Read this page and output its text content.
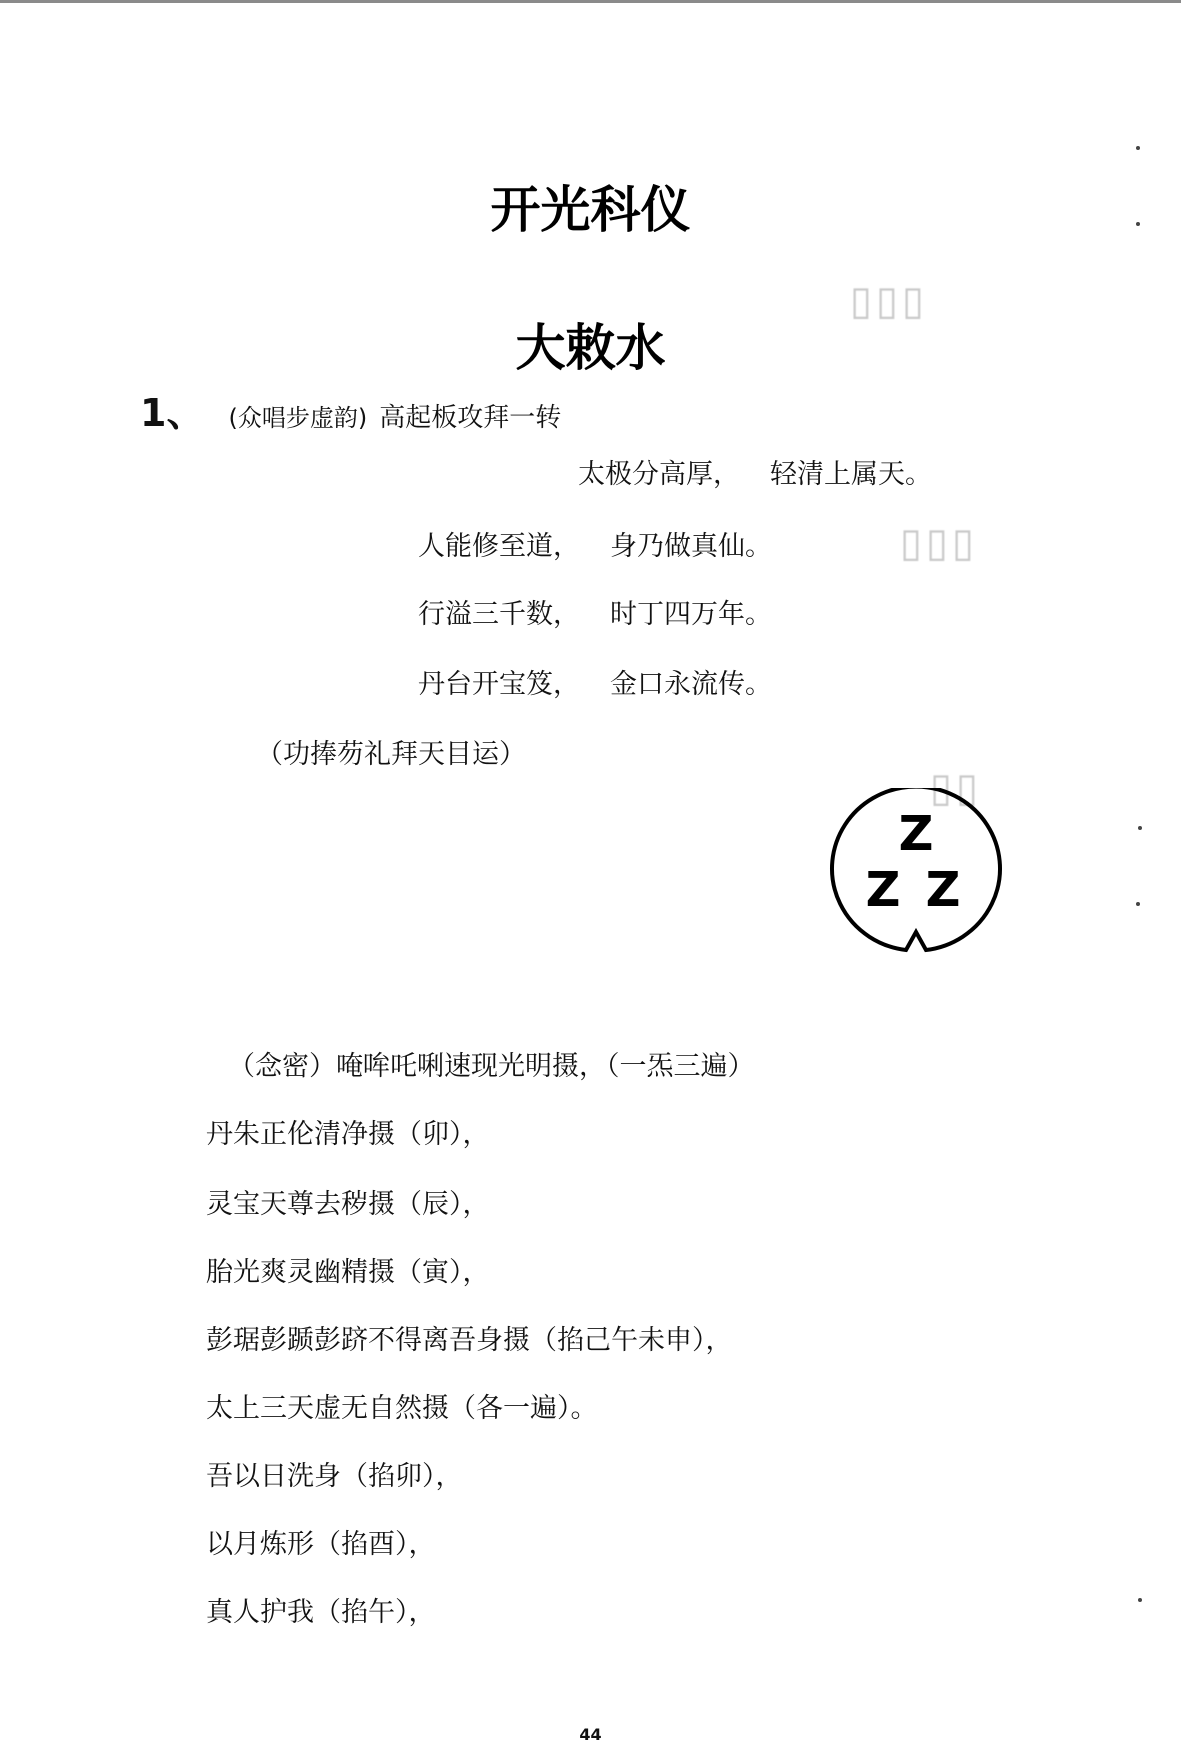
▯▯▯
▯▯▯
▯▯
开光科仪
大敕水
1、 (众唱步虚韵) 高起板攻拜一转
太极分高厚， 轻清上属天。
人能修至道， 身乃做真仙。
行溢三千数， 时丁四万年。
丹台开宝笈， 金口永流传。
（功捧芴礼拜天目运）
Z
Z Z
（念密）唵哞吒唎速现光明摄，（一炁三遍）
丹朱正伦清净摄（卯），
灵宝天尊去秽摄（辰），
胎光爽灵幽精摄（寅），
彭琚彭踬彭跻不得离吾身摄（掐己午未申），
太上三天虚无自然摄（各一遍）。
吾以日洗身（掐卯），
以月炼形（掐酉），
真人护我（掐午），
44
